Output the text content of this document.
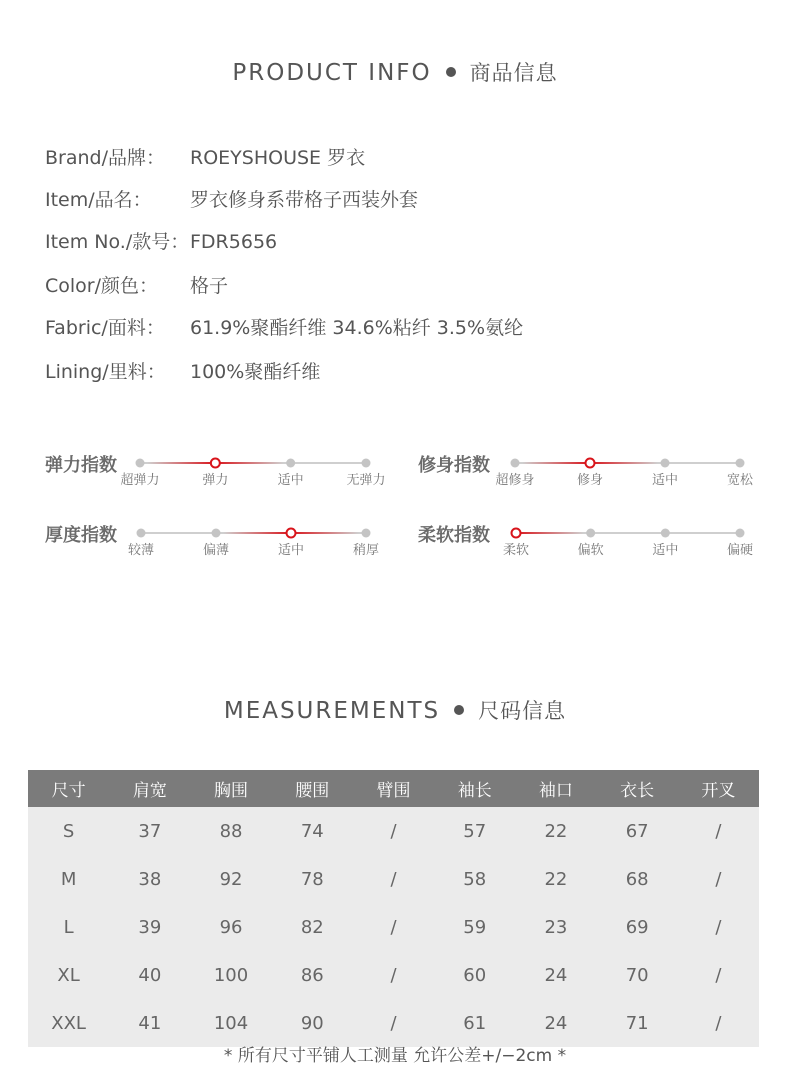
PRODUCT INFO 商品信息
Brand/品牌： ROEYSHOUSE 罗衣
Item/品名： 罗衣修身系带格子西装外套
Item No./款号： FDR5656
Color/颜色： 格子
Fabric/面料： 61.9%聚酯纤维 34.6%粘纤 3.5%氨纶
Lining/里料： 100%聚酯纤维
弹力指数
超弹力	弹力	适中	无弹力
修身指数
超修身	修身	适中	宽松
厚度指数
较薄	偏薄	适中	稍厚
柔软指数
柔软	偏软	适中	偏硬
MEASUREMENTS 尺码信息
尺寸	肩宽	胸围	腰围	臂围	袖长	袖口	衣长	开叉
S	37	88	74	/	57	22	67	/
M	38	92	78	/	58	22	68	/
L	39	96	82	/	59	23	69	/
XL	40	100	86	/	60	24	70	/
XXL	41	104	90	/	61	24	71	/
* 所有尺寸平铺人工测量 允许公差+/−2cm *
